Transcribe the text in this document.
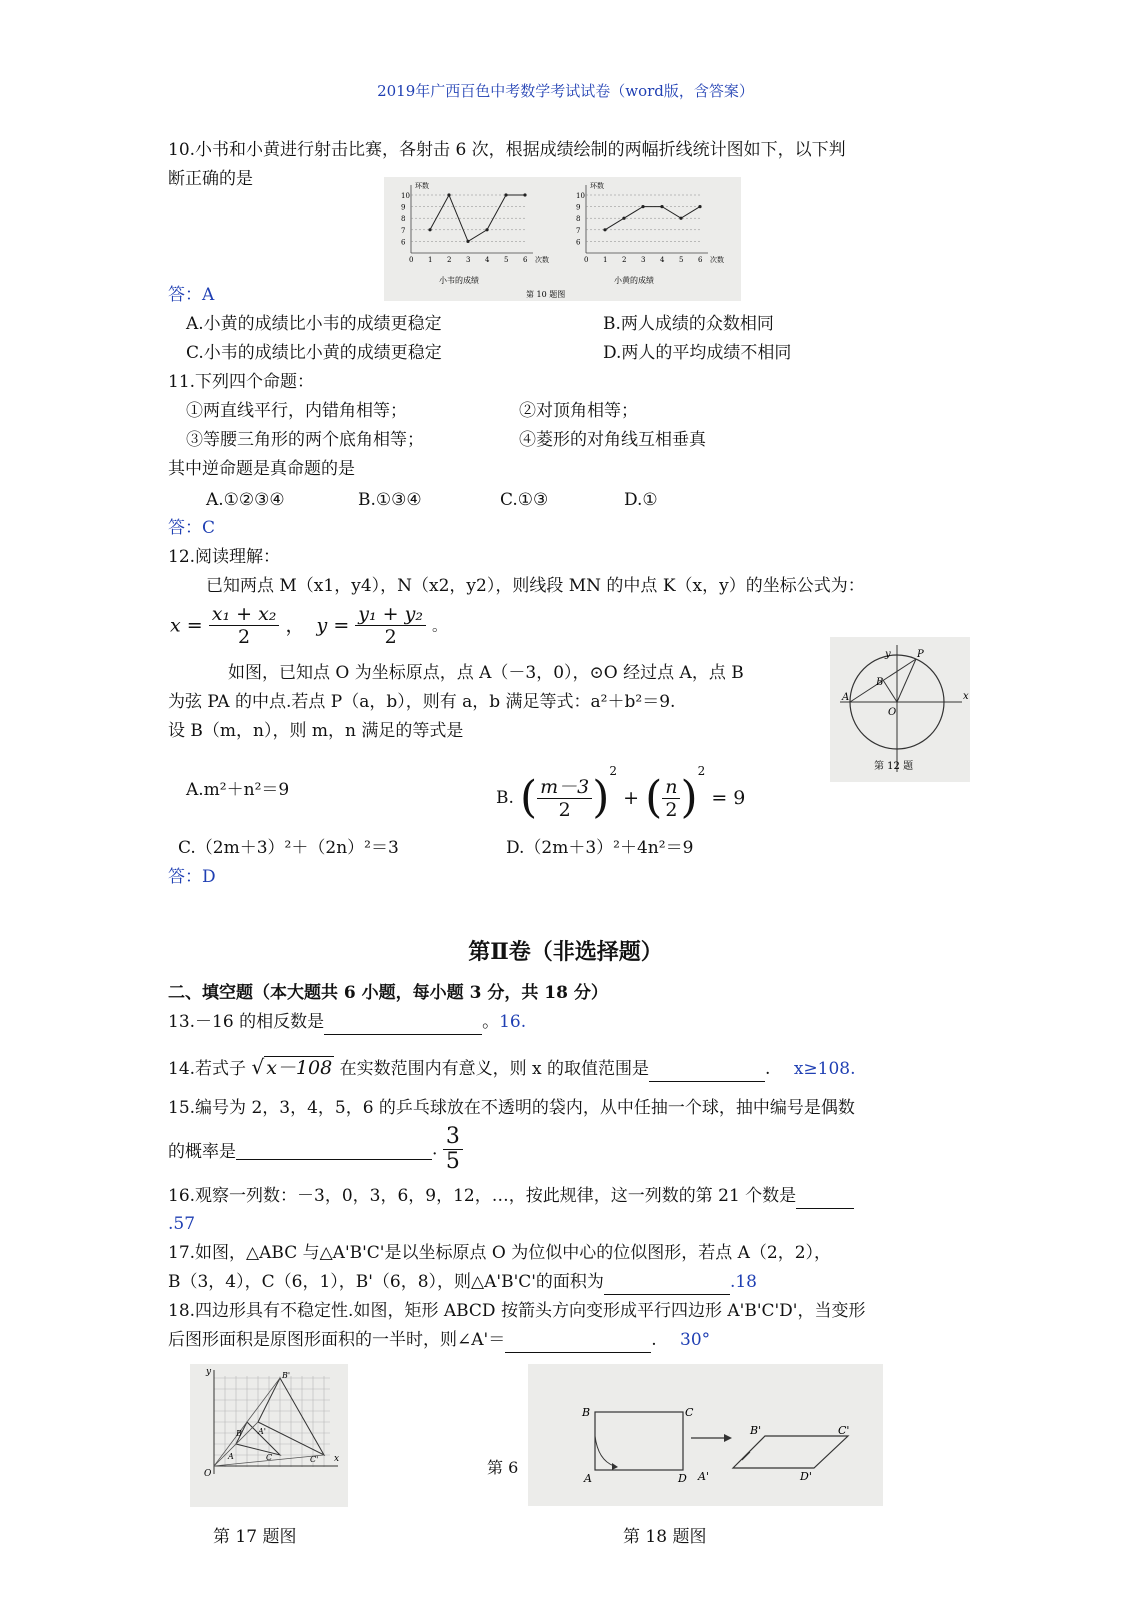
2019年广西百色中考数学考试试卷（word版，含答案）
10.小书和小黄进行射击比赛，各射击 6 次，根据成绩绘制的两幅折线统计图如下，以下判
断正确的是
6
7
8
9
10
0 1 2 3 4 5 6
环数
次数
小韦的成绩
6
7
8
9
10
0 1 2 3 4 5 6
环数
次数
小黄的成绩
第 10 题图
答：A
A.小黄的成绩比小韦的成绩更稳定	B.两人成绩的众数相同
C.小韦的成绩比小黄的成绩更稳定	D.两人的平均成绩不相同
11.下列四个命题：
①两直线平行，内错角相等；	②对顶角相等；
③等腰三角形的两个底角相等；	④菱形的对角线互相垂真
其中逆命题是真命题的是
A.①②③④	B.①③④	C.①③	D.①
答：C
12.阅读理解：
已知两点 M（x1，y4），N（x2，y2），则线段 MN 的中点 K（x，y）的坐标公式为：
$x = \frac{\text{x₁ + x₂}}{2}$ ，  $y = \frac{\text{y₁ + y₂}}{2}$ 。
如图，已知点 O 为坐标原点，点 A（－3，0），⊙O 经过点 A，点 B
为弦 PA 的中点.若点 P（a，b），则有 a，b 满足等式：a²＋b²＝9.
设 B（m，n），则 m，n 满足的等式是
y
x
P
B
A
O
第 12 题
A.m²＋n²＝9	B. ( $\frac{m-3}{2} )^2$ + ( $\frac{n}{2} )^2 = 9$
C.（2m＋3）²＋（2n）²＝3	D.（2m＋3）²＋4n²＝9
答：D
第Ⅱ卷（非选择题）
二、填空题（本大题共 6 小题，每小题 3 分，共 18 分）
13.－16 的相反数是	。16.
14.若式子 √ x－108 在实数范围内有意义，则 x 的取值范围是	. x≥108.
15.编号为 2，3，4，5，6 的乒乓球放在不透明的袋内，从中任抽一个球，抽中编号是偶数
的概率是	. $\frac{3}{5}$
16.观察一列数：－3，0，3，6，9，12，…，按此规律，这一列数的第 21 个数是
.57
17.如图，△ABC 与△A'B'C'是以坐标原点 O 为位似中心的位似图形，若点 A（2，2），
B（3，4），C（6，1），B'（6，8），则△A'B'C'的面积为	.18
18.四边形具有不稳定性.如图，矩形 ABCD 按箭头方向变形成平行四边形 A'B'C'D'，当变形
后图形面积是原图形面积的一半时，则∠A'＝	. 30°
y
x
O
A
B
C
B'
A'
C'
第 17 题图
第 6
B	C
A	D
B'	C'
A'	D'
第 18 题图
